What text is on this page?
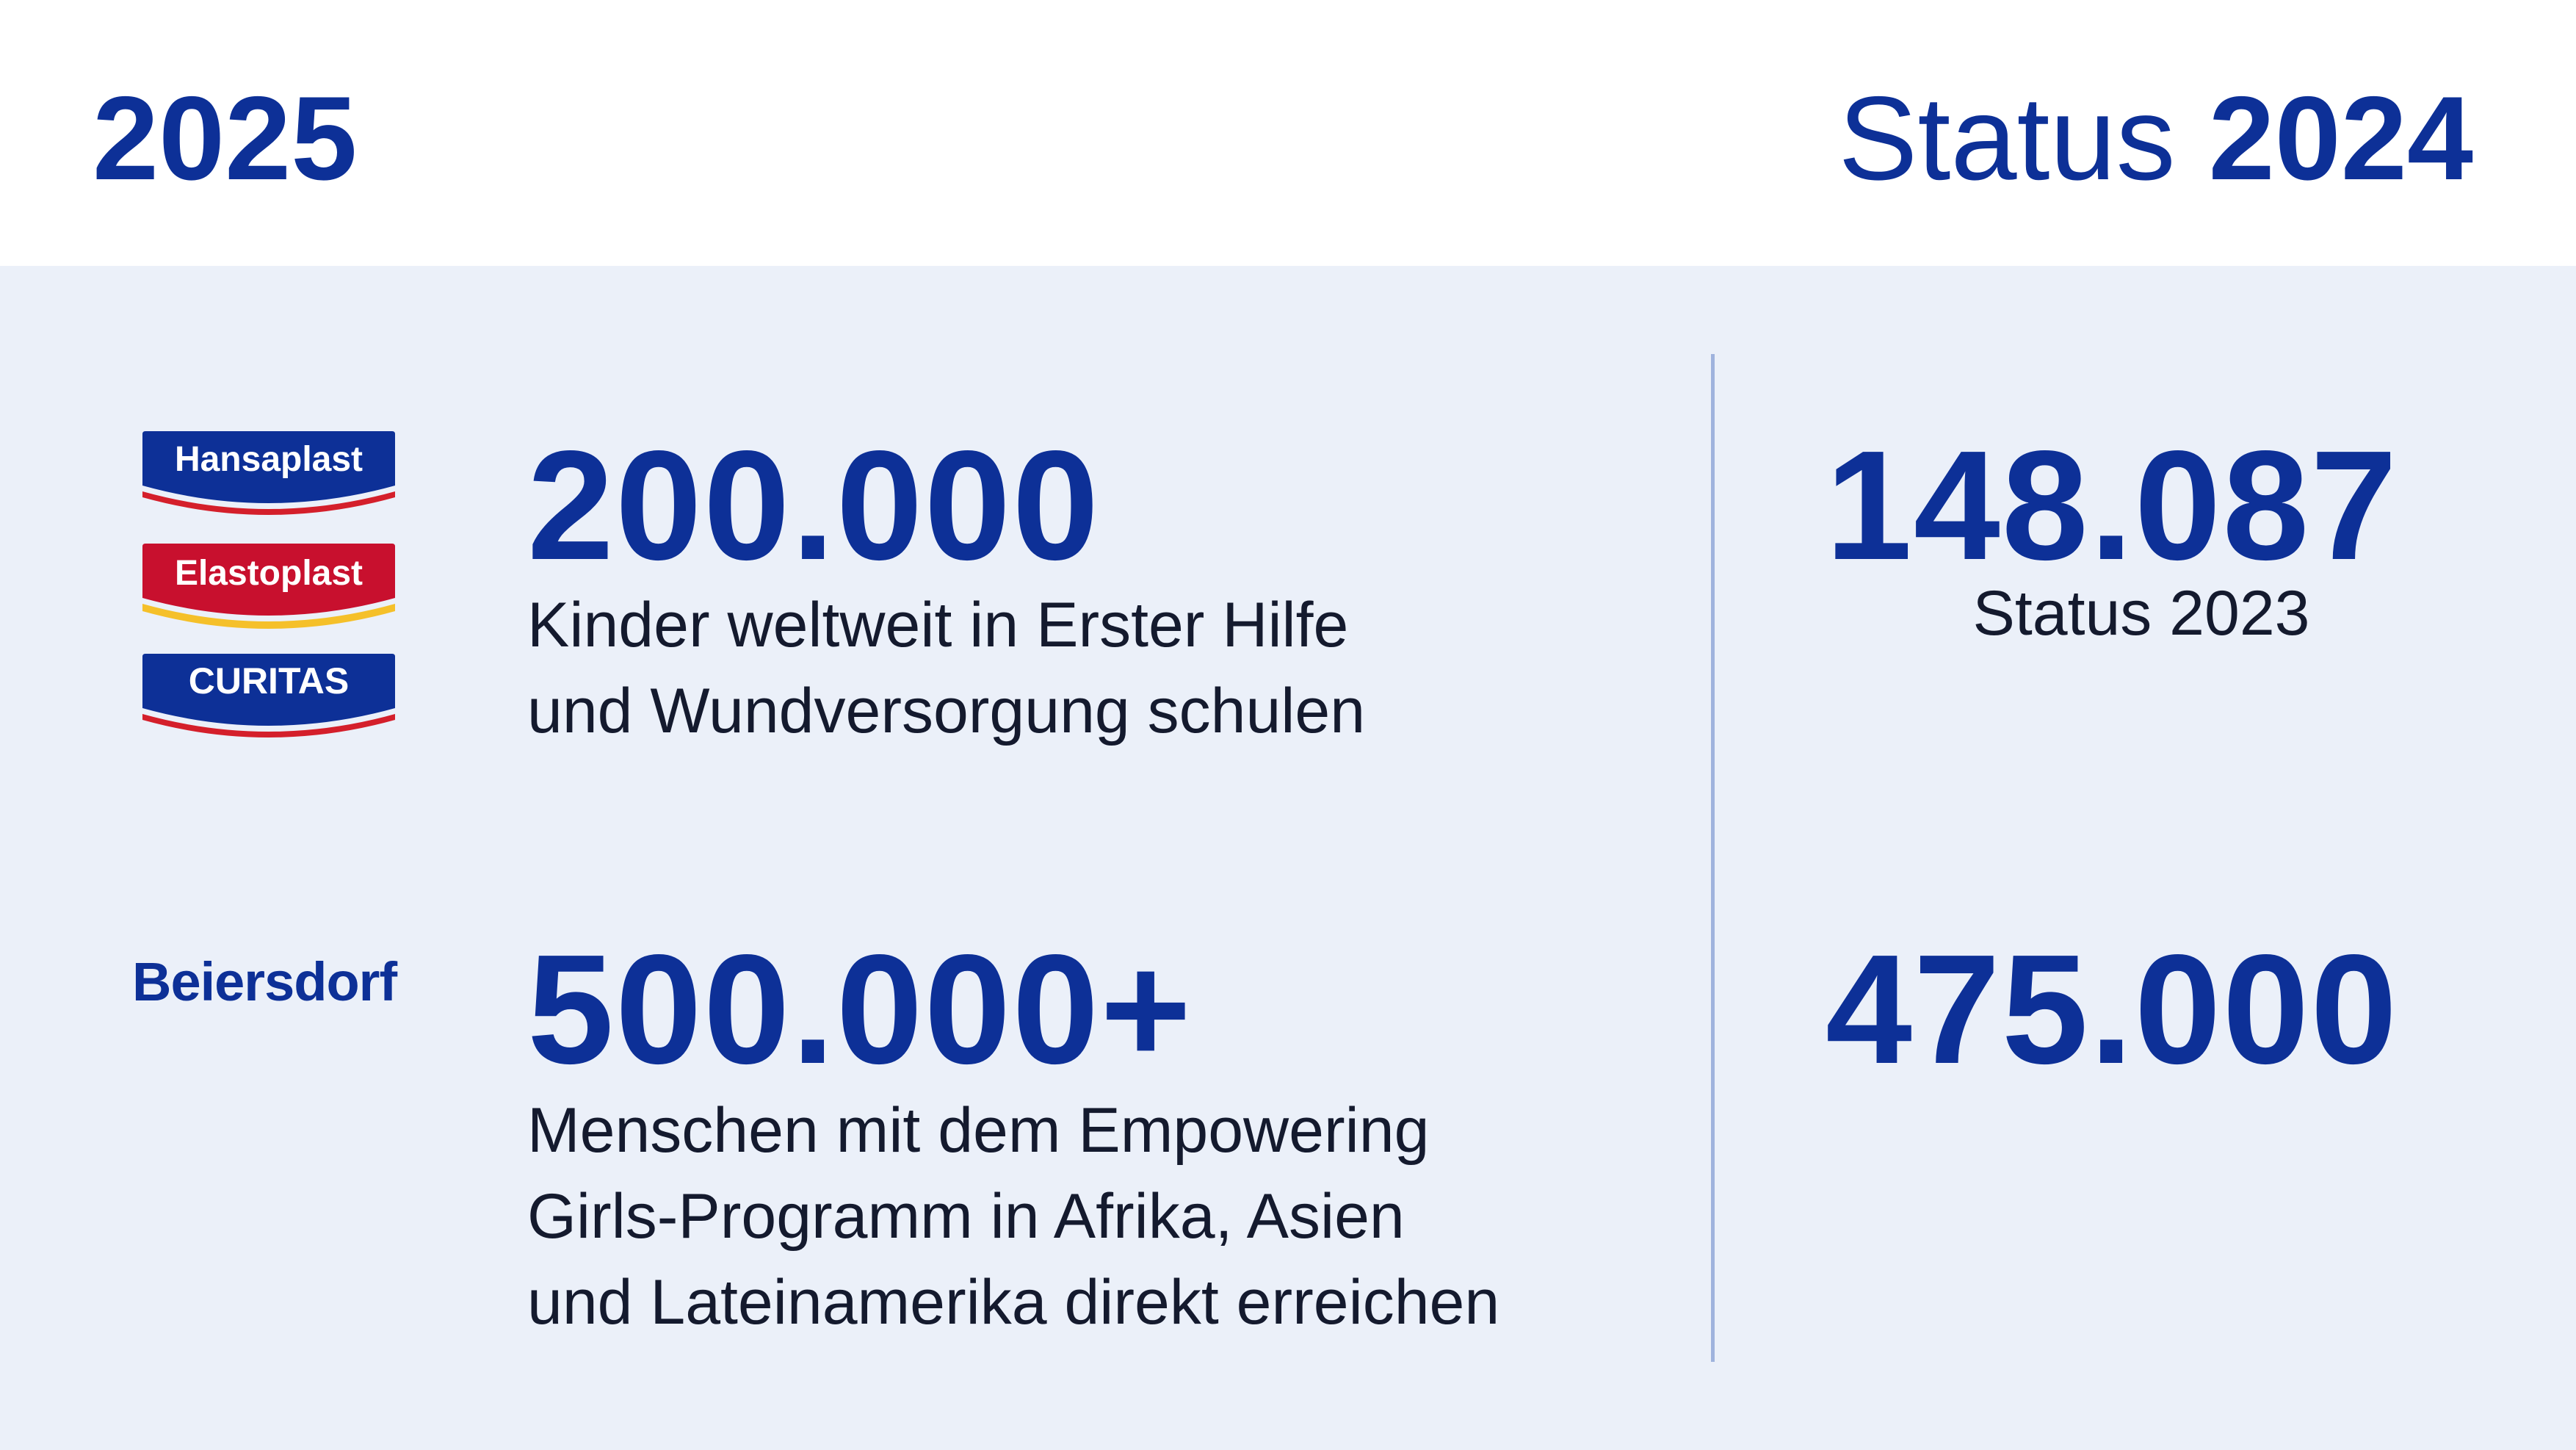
2025	Status 2024
Hansaplast
Elastoplast
CURITAS

Beiersdorf

200.000

Kinder weltweit in Erster Hilfe
und Wundversorgung schulen

148.087

Status 2023

500.000+

Menschen mit dem Empowering
Girls-Programm in Afrika, Asien
und Lateinamerika direkt erreichen

475.000
